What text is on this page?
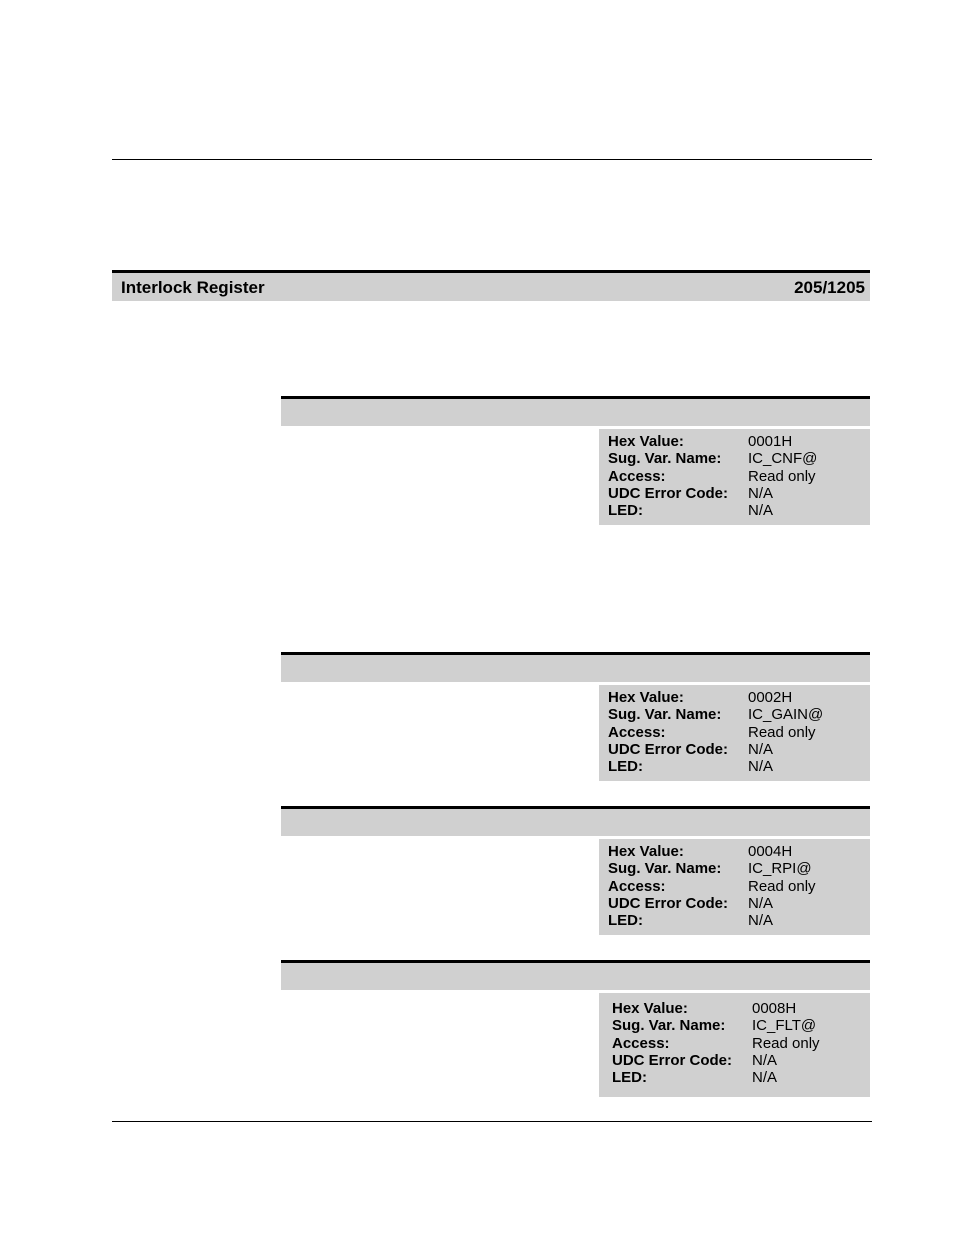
Interlock Register	205/1205
Hex Value:	0001H
Sug. Var. Name:	IC_CNF@
Access:	Read only
UDC Error Code:	N/A
LED:	N/A
Hex Value:	0002H
Sug. Var. Name:	IC_GAIN@
Access:	Read only
UDC Error Code:	N/A
LED:	N/A
Hex Value:	0004H
Sug. Var. Name:	IC_RPI@
Access:	Read only
UDC Error Code:	N/A
LED:	N/A
Hex Value:	0008H
Sug. Var. Name:	IC_FLT@
Access:	Read only
UDC Error Code:	N/A
LED:	N/A
